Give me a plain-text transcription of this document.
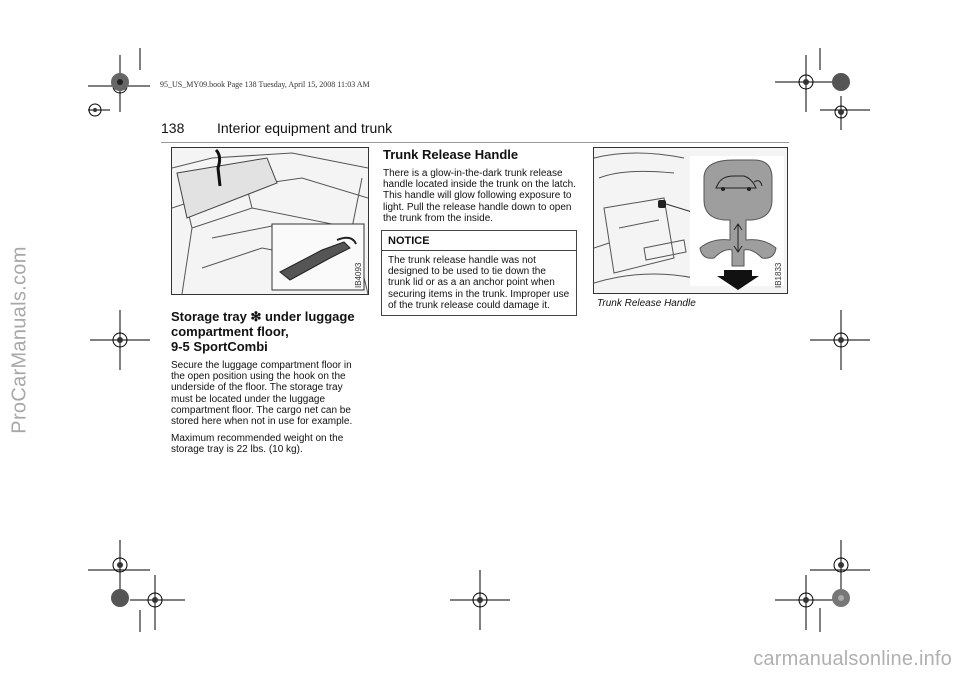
ProCarManuals.com
95_US_MY09.book Page 138 Tuesday, April 15, 2008 11:03 AM
138 Interior equipment and trunk
IB4093
Storage tray ❇ under luggage
compartment floor,
9-5 SportCombi

Secure the luggage compartment floor in the open position using the hook on the underside of the floor. The storage tray must be located under the luggage compartment floor. The cargo net can be stored here when not in use for example.

Maximum recommended weight on the storage tray is 22 lbs. (10 kg).

Trunk Release Handle

There is a glow-in-the-dark trunk release handle located inside the trunk on the latch. This handle will glow following exposure to light. Pull the release handle down to open the trunk from the inside.

NOTICE
The trunk release handle was not designed to be used to tie down the trunk lid or as a an anchor point when securing items in the trunk. Improper use of the trunk release could damage it.
IB1833
Trunk Release Handle
carmanualsonline.info
